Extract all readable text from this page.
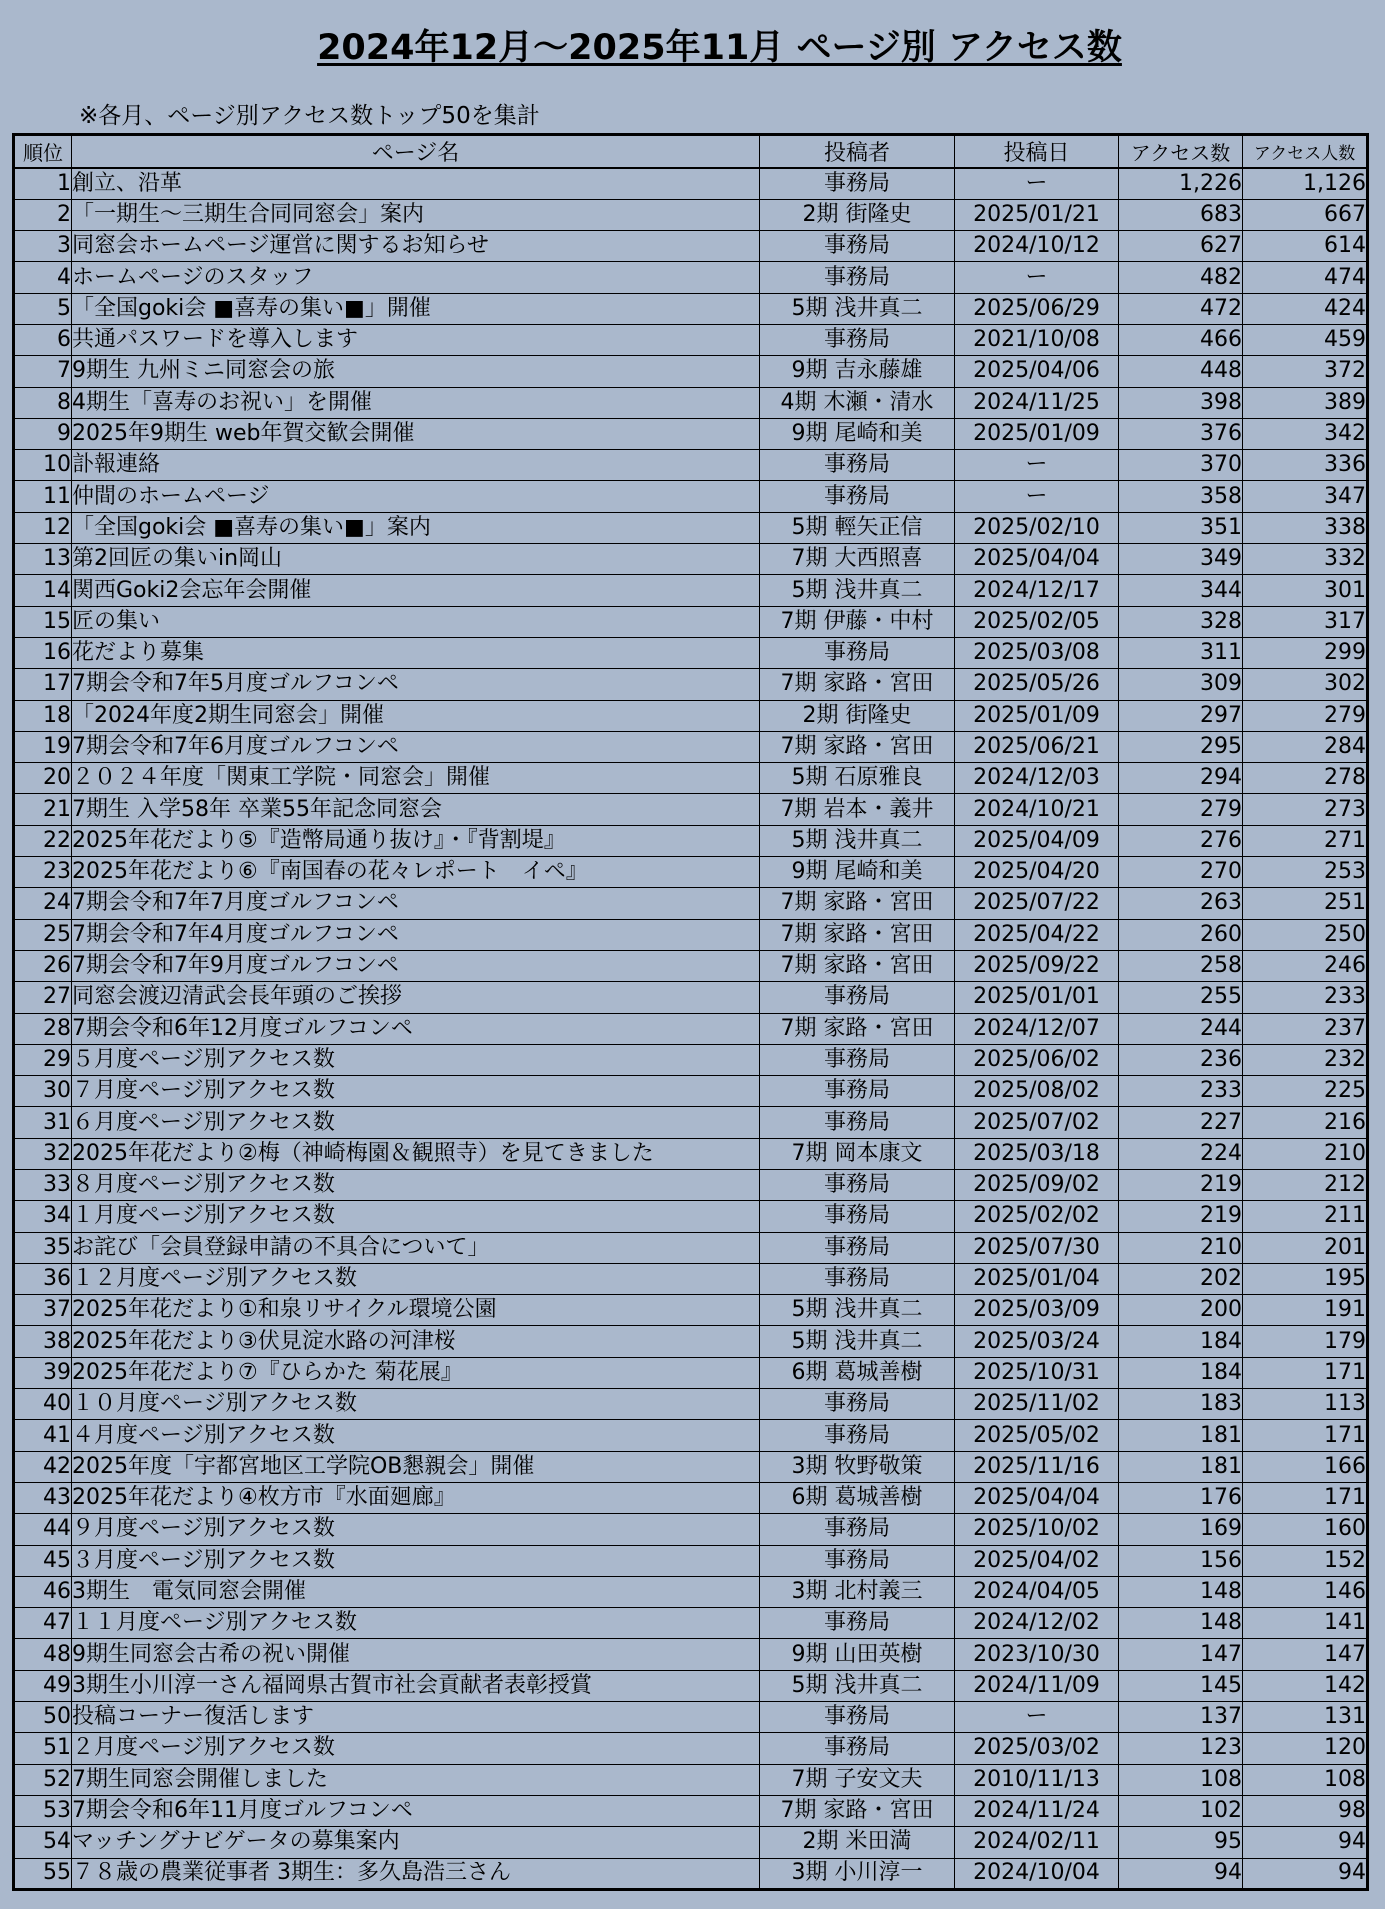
2024年12月～2025年11月 ページ別 アクセス数
※各月、ページ別アクセス数トップ50を集計
順位	ページ名	投稿者	投稿日	アクセス数	アクセス人数
1	創立、沿革	事務局	ー	1,226	1,126
2	「一期生～三期生合同同窓会」案内	2期 街隆史	2025/01/21	683	667
3	同窓会ホームページ運営に関するお知らせ	事務局	2024/10/12	627	614
4	ホームページのスタッフ	事務局	ー	482	474
5	「全国goki会 ■喜寿の集い■」開催	5期 浅井真二	2025/06/29	472	424
6	共通パスワードを導入します	事務局	2021/10/08	466	459
7	9期生 九州ミニ同窓会の旅	9期 吉永藤雄	2025/04/06	448	372
8	4期生「喜寿のお祝い」を開催	4期 木瀬・清水	2024/11/25	398	389
9	2025年9期生 web年賀交歓会開催	9期 尾崎和美	2025/01/09	376	342
10	訃報連絡	事務局	ー	370	336
11	仲間のホームページ	事務局	ー	358	347
12	「全国goki会 ■喜寿の集い■」案内	5期 輕矢正信	2025/02/10	351	338
13	第2回匠の集いin岡山	7期 大西照喜	2025/04/04	349	332
14	関西Goki2会忘年会開催	5期 浅井真二	2024/12/17	344	301
15	匠の集い	7期 伊藤・中村	2025/02/05	328	317
16	花だより募集	事務局	2025/03/08	311	299
17	7期会令和7年5月度ゴルフコンペ	7期 家路・宮田	2025/05/26	309	302
18	「2024年度2期生同窓会」開催	2期 街隆史	2025/01/09	297	279
19	7期会令和7年6月度ゴルフコンペ	7期 家路・宮田	2025/06/21	295	284
20	２０２４年度「関東工学院・同窓会」開催	5期 石原雅良	2024/12/03	294	278
21	7期生 入学58年 卒業55年記念同窓会	7期 岩本・義井	2024/10/21	279	273
22	2025年花だより⑤『造幣局通り抜け』・『背割堤』	5期 浅井真二	2025/04/09	276	271
23	2025年花だより⑥『南国春の花々レポート　イペ』	9期 尾崎和美	2025/04/20	270	253
24	7期会令和7年7月度ゴルフコンペ	7期 家路・宮田	2025/07/22	263	251
25	7期会令和7年4月度ゴルフコンペ	7期 家路・宮田	2025/04/22	260	250
26	7期会令和7年9月度ゴルフコンペ	7期 家路・宮田	2025/09/22	258	246
27	同窓会渡辺清武会長年頭のご挨拶	事務局	2025/01/01	255	233
28	7期会令和6年12月度ゴルフコンペ	7期 家路・宮田	2024/12/07	244	237
29	５月度ページ別アクセス数	事務局	2025/06/02	236	232
30	７月度ページ別アクセス数	事務局	2025/08/02	233	225
31	６月度ページ別アクセス数	事務局	2025/07/02	227	216
32	2025年花だより②梅（神崎梅園＆観照寺）を見てきました	7期 岡本康文	2025/03/18	224	210
33	８月度ページ別アクセス数	事務局	2025/09/02	219	212
34	１月度ページ別アクセス数	事務局	2025/02/02	219	211
35	お詫び「会員登録申請の不具合について」	事務局	2025/07/30	210	201
36	１２月度ページ別アクセス数	事務局	2025/01/04	202	195
37	2025年花だより①和泉リサイクル環境公園	5期 浅井真二	2025/03/09	200	191
38	2025年花だより③伏見淀水路の河津桜	5期 浅井真二	2025/03/24	184	179
39	2025年花だより⑦『ひらかた 菊花展』	6期 葛城善樹	2025/10/31	184	171
40	１０月度ページ別アクセス数	事務局	2025/11/02	183	113
41	４月度ページ別アクセス数	事務局	2025/05/02	181	171
42	2025年度「宇都宮地区工学院OB懇親会」開催	3期 牧野敬策	2025/11/16	181	166
43	2025年花だより④枚方市『水面廻廊』	6期 葛城善樹	2025/04/04	176	171
44	９月度ページ別アクセス数	事務局	2025/10/02	169	160
45	３月度ページ別アクセス数	事務局	2025/04/02	156	152
46	3期生　電気同窓会開催	3期 北村義三	2024/04/05	148	146
47	１１月度ページ別アクセス数	事務局	2024/12/02	148	141
48	9期生同窓会古希の祝い開催	9期 山田英樹	2023/10/30	147	147
49	3期生小川淳一さん福岡県古賀市社会貢献者表彰授賞	5期 浅井真二	2024/11/09	145	142
50	投稿コーナー復活します	事務局	ー	137	131
51	２月度ページ別アクセス数	事務局	2025/03/02	123	120
52	7期生同窓会開催しました	7期 子安文夫	2010/11/13	108	108
53	7期会令和6年11月度ゴルフコンペ	7期 家路・宮田	2024/11/24	102	98
54	マッチングナビゲータの募集案内	2期 米田満	2024/02/11	95	94
55	７８歳の農業従事者 3期生：多久島浩三さん	3期 小川淳一	2024/10/04	94	94
